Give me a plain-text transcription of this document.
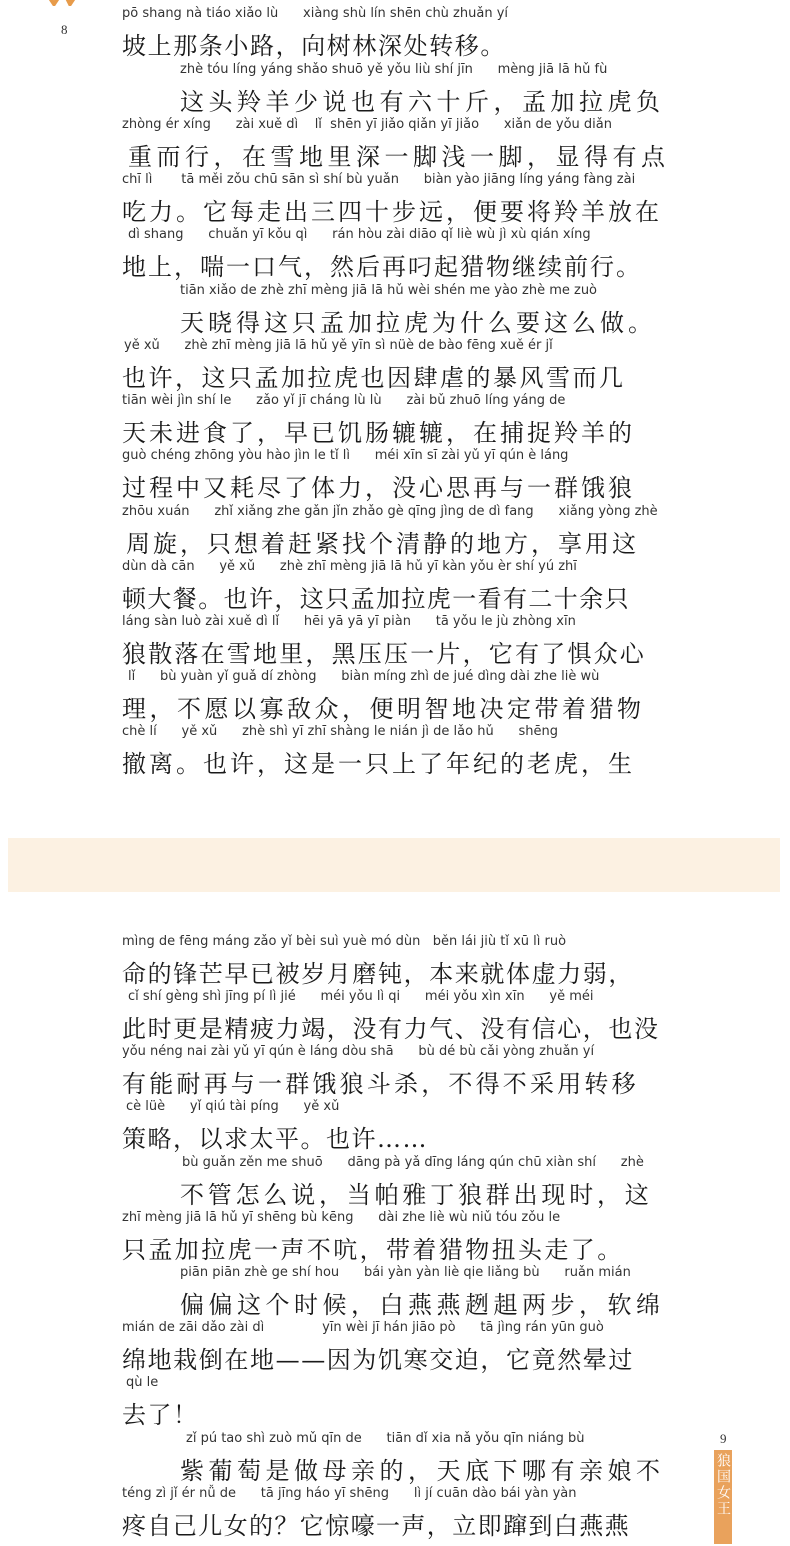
8
pō shang nà tiáo xiǎo lù      xiàng shù lín shēn chù zhuǎn yí
坡上那条小路，向树林深处转移。
zhè tóu líng yáng shǎo shuō yě yǒu liù shí jīn      mèng jiā lā hǔ fù
这头羚羊少说也有六十斤，孟加拉虎负
zhòng ér xíng      zài xuě dì    lǐ  shēn yī jiǎo qiǎn yī jiǎo      xiǎn de yǒu diǎn
重而行，在雪地里深一脚浅一脚，显得有点
chī lì       tā měi zǒu chū sān sì shí bù yuǎn      biàn yào jiāng líng yáng fàng zài
吃力。它每走出三四十步远，便要将羚羊放在
dì shang      chuǎn yī kǒu qì      rán hòu zài diāo qǐ liè wù jì xù qián xíng
地上，喘一口气，然后再叼起猎物继续前行。
tiān xiǎo de zhè zhī mèng jiā lā hǔ wèi shén me yào zhè me zuò
天晓得这只孟加拉虎为什么要这么做。
yě xǔ      zhè zhī mèng jiā lā hǔ yě yīn sì nüè de bào fēng xuě ér jǐ
也许，这只孟加拉虎也因肆虐的暴风雪而几
tiān wèi jìn shí le      zǎo yǐ jī cháng lù lù      zài bǔ zhuō líng yáng de
天未进食了，早已饥肠辘辘，在捕捉羚羊的
guò chéng zhōng yòu hào jìn le tǐ lì      méi xīn sī zài yǔ yī qún è láng
过程中又耗尽了体力，没心思再与一群饿狼
zhōu xuán      zhǐ xiǎng zhe gǎn jǐn zhǎo gè qīng jìng de dì fang      xiǎng yòng zhè
周旋，只想着赶紧找个清静的地方，享用这
dùn dà cān      yě xǔ      zhè zhī mèng jiā lā hǔ yī kàn yǒu èr shí yú zhī
顿大餐。也许，这只孟加拉虎一看有二十余只
láng sàn luò zài xuě dì lǐ      hēi yā yā yī piàn      tā yǒu le jù zhòng xīn
狼散落在雪地里，黑压压一片，它有了惧众心
lǐ      bù yuàn yǐ guǎ dí zhòng      biàn míng zhì de jué dìng dài zhe liè wù
理，不愿以寡敌众，便明智地决定带着猎物
chè lí      yě xǔ      zhè shì yī zhī shàng le nián jì de lǎo hǔ      shēng
撤离。也许，这是一只上了年纪的老虎，生
mìng de fēng máng zǎo yǐ bèi suì yuè mó dùn   běn lái jiù tǐ xū lì ruò
命的锋芒早已被岁月磨钝，本来就体虚力弱，
cǐ shí gèng shì jīng pí lì jié      méi yǒu lì qi      méi yǒu xìn xīn      yě méi
此时更是精疲力竭，没有力气、没有信心，也没
yǒu néng nai zài yǔ yī qún è láng dòu shā      bù dé bù cǎi yòng zhuǎn yí
有能耐再与一群饿狼斗杀，不得不采用转移
cè lüè      yǐ qiú tài píng      yě xǔ
策略，以求太平。也许……
bù guǎn zěn me shuō      dāng pà yǎ dīng láng qún chū xiàn shí      zhè
不管怎么说，当帕雅丁狼群出现时，这
zhī mèng jiā lā hǔ yī shēng bù kēng      dài zhe liè wù niǔ tóu zǒu le
只孟加拉虎一声不吭，带着猎物扭头走了。
piān piān zhè ge shí hou      bái yàn yàn liè qie liǎng bù      ruǎn mián
偏偏这个时候，白燕燕趔趄两步，软绵
mián de zāi dǎo zài dì              yīn wèi jī hán jiāo pò      tā jìng rán yūn guò
绵地栽倒在地——因为饥寒交迫，它竟然晕过
qù le
去了！
zǐ pú tao shì zuò mǔ qīn de      tiān dǐ xia nǎ yǒu qīn niáng bù
紫葡萄是做母亲的，天底下哪有亲娘不
téng zì jǐ ér nǚ de      tā jīng háo yī shēng      lì jí cuān dào bái yàn yàn
疼自己儿女的？它惊嚎一声，立即蹿到白燕燕
9
狼国女王
